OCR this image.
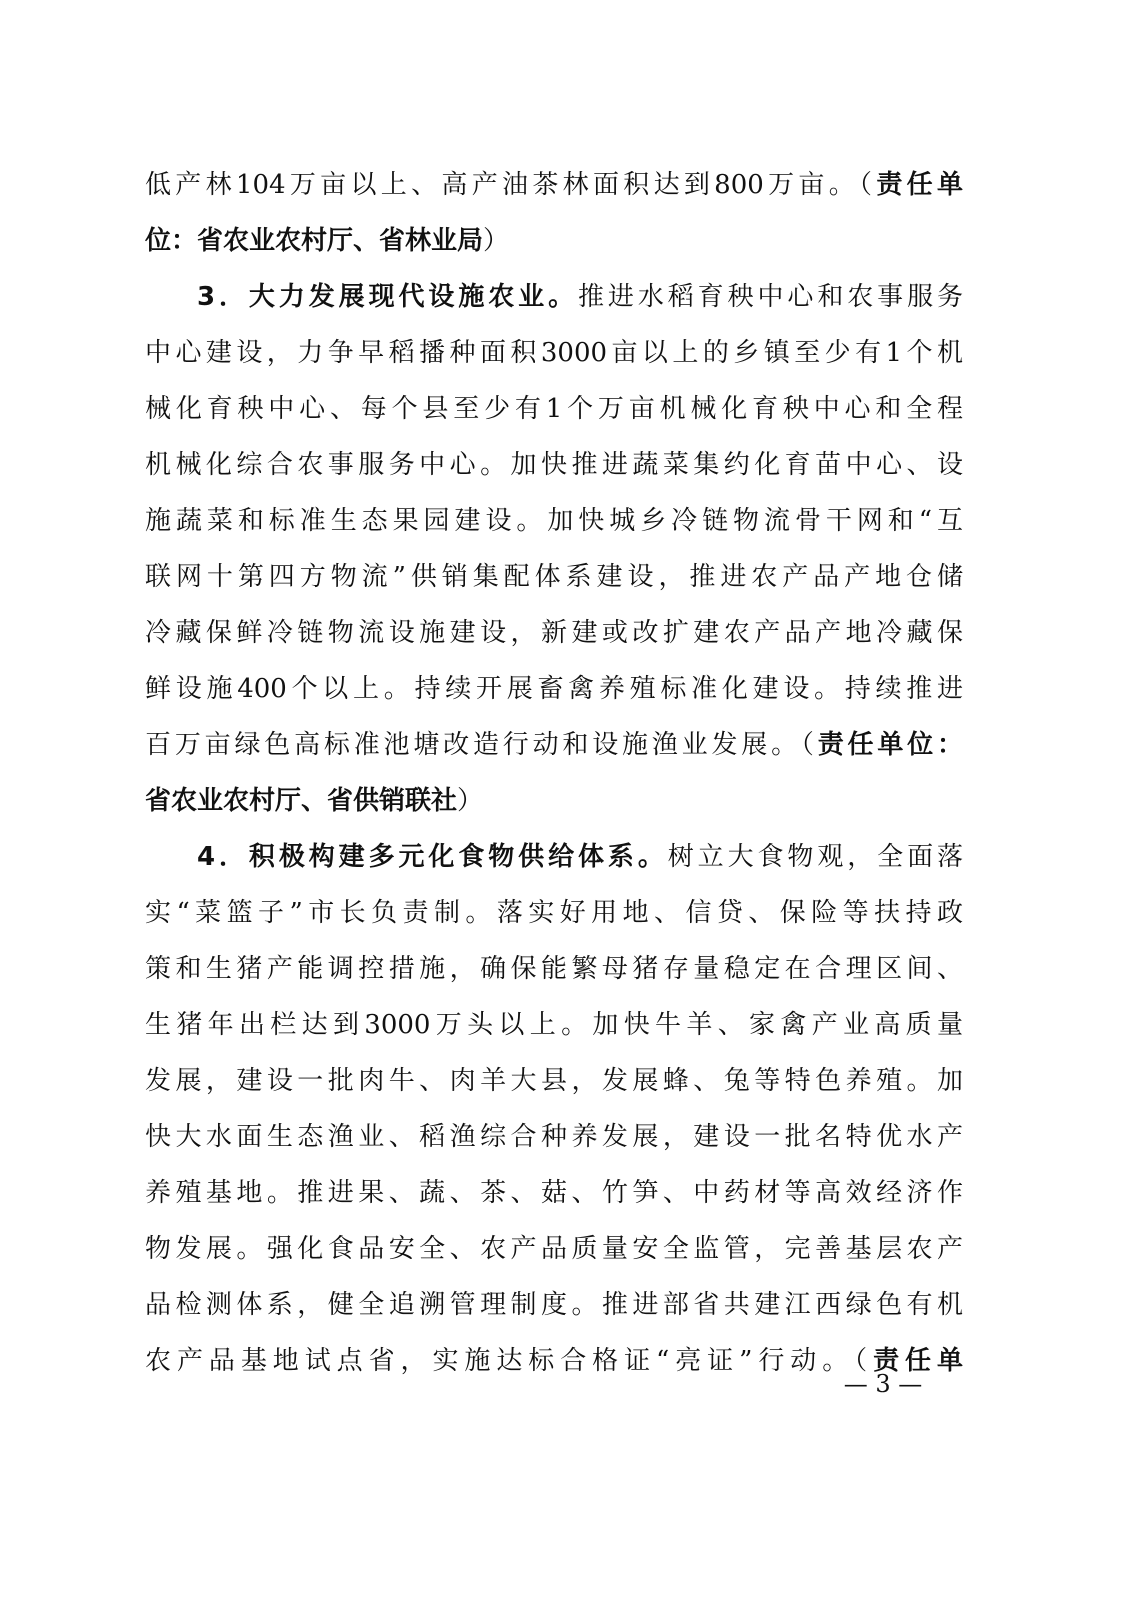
低产林104万亩以上、高产油茶林面积达到800万亩。（责任单
位：省农业农村厅、省林业局）
3．大力发展现代设施农业。推进水稻育秧中心和农事服务
中心建设，力争早稻播种面积3000亩以上的乡镇至少有1个机
械化育秧中心、每个县至少有1个万亩机械化育秧中心和全程
机械化综合农事服务中心。加快推进蔬菜集约化育苗中心、设
施蔬菜和标准生态果园建设。加快城乡冷链物流骨干网和“互
联网十第四方物流”供销集配体系建设，推进农产品产地仓储
冷藏保鲜冷链物流设施建设，新建或改扩建农产品产地冷藏保
鲜设施400个以上。持续开展畜禽养殖标准化建设。持续推进
百万亩绿色高标准池塘改造行动和设施渔业发展。（责任单位：
省农业农村厅、省供销联社）
4．积极构建多元化食物供给体系。树立大食物观，全面落
实“菜篮子”市长负责制。落实好用地、信贷、保险等扶持政
策和生猪产能调控措施，确保能繁母猪存量稳定在合理区间、
生猪年出栏达到3000万头以上。加快牛羊、家禽产业高质量
发展，建设一批肉牛、肉羊大县，发展蜂、兔等特色养殖。加
快大水面生态渔业、稻渔综合种养发展，建设一批名特优水产
养殖基地。推进果、蔬、茶、菇、竹笋、中药材等高效经济作
物发展。强化食品安全、农产品质量安全监管，完善基层农产
品检测体系，健全追溯管理制度。推进部省共建江西绿色有机
农产品基地试点省，实施达标合格证“亮证”行动。（责任单
— 3 —
